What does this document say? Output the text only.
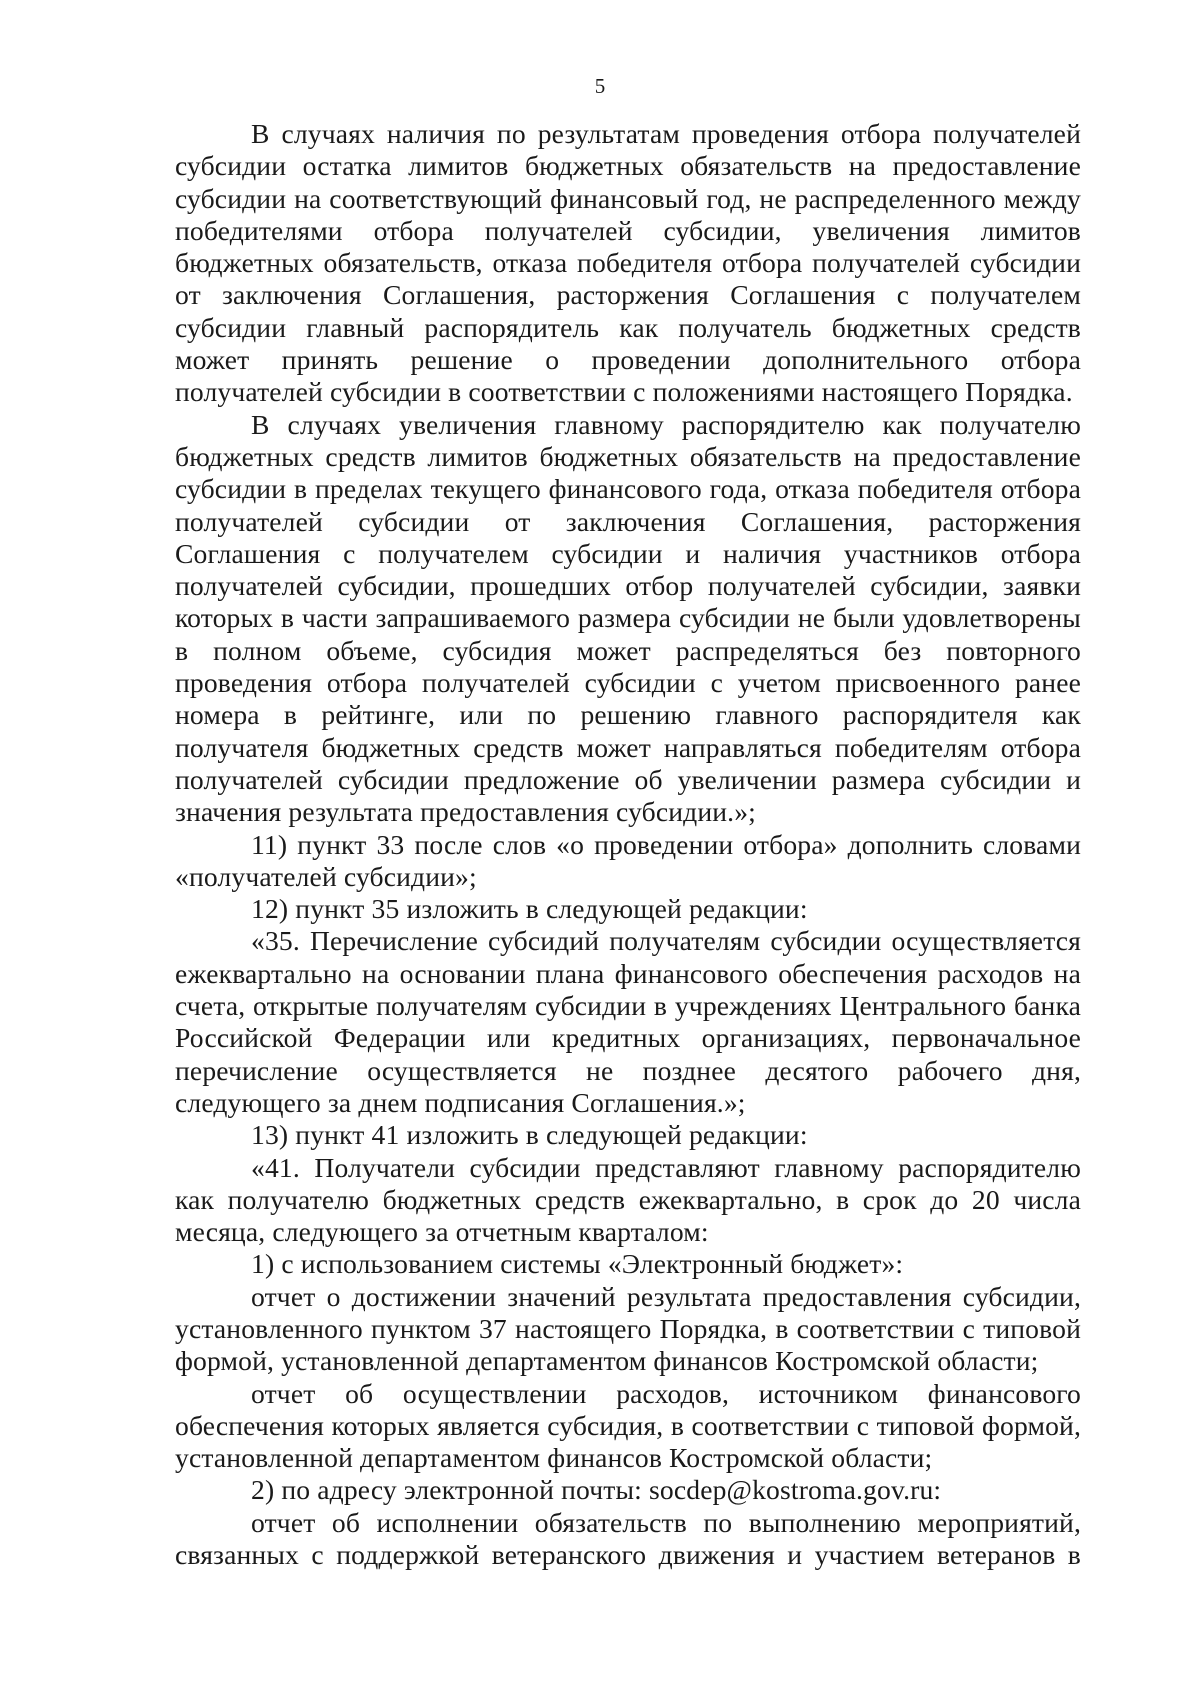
5

В случаях наличия по результатам проведения отбора получателей субсидии остатка лимитов бюджетных обязательств на предоставление субсидии на соответствующий финансовый год, не распределенного между победителями отбора получателей субсидии, увеличения лимитов бюджетных обязательств, отказа победителя отбора получателей субсидии от заключения Соглашения, расторжения Соглашения с получателем субсидии главный распорядитель как получатель бюджетных средств может принять решение о проведении дополнительного отбора получателей субсидии в соответствии с положениями настоящего Порядка.

В случаях увеличения главному распорядителю как получателю бюджетных средств лимитов бюджетных обязательств на предоставление субсидии в пределах текущего финансового года, отказа победителя отбора получателей субсидии от заключения Соглашения, расторжения Соглашения с получателем субсидии и наличия участников отбора получателей субсидии, прошедших отбор получателей субсидии, заявки которых в части запрашиваемого размера субсидии не были удовлетворены в полном объеме, субсидия может распределяться без повторного проведения отбора получателей субсидии с учетом присвоенного ранее номера в рейтинге, или по решению главного распорядителя как получателя бюджетных средств может направляться победителям отбора получателей субсидии предложение об увеличении размера субсидии и значения результата предоставления субсидии.»;

11) пункт 33 после слов «о проведении отбора» дополнить словами «получателей субсидии»;

12) пункт 35 изложить в следующей редакции:

«35. Перечисление субсидий получателям субсидии осуществляется ежеквартально на основании плана финансового обеспечения расходов на счета, открытые получателям субсидии в учреждениях Центрального банка Российской Федерации или кредитных организациях, первоначальное перечисление осуществляется не позднее десятого рабочего дня, следующего за днем подписания Соглашения.»;

13) пункт 41 изложить в следующей редакции:

«41. Получатели субсидии представляют главному распорядителю как получателю бюджетных средств ежеквартально, в срок до 20 числа месяца, следующего за отчетным кварталом:

1) с использованием системы «Электронный бюджет»:

отчет о достижении значений результата предоставления субсидии, установленного пунктом 37 настоящего Порядка, в соответствии с типовой формой, установленной департаментом финансов Костромской области;

отчет об осуществлении расходов, источником финансового обеспечения которых является субсидия, в соответствии с типовой формой, установленной департаментом финансов Костромской области;

2) по адресу электронной почты: socdep@kostroma.gov.ru:

отчет об исполнении обязательств по выполнению мероприятий, связанных с поддержкой ветеранского движения и участием ветеранов в
